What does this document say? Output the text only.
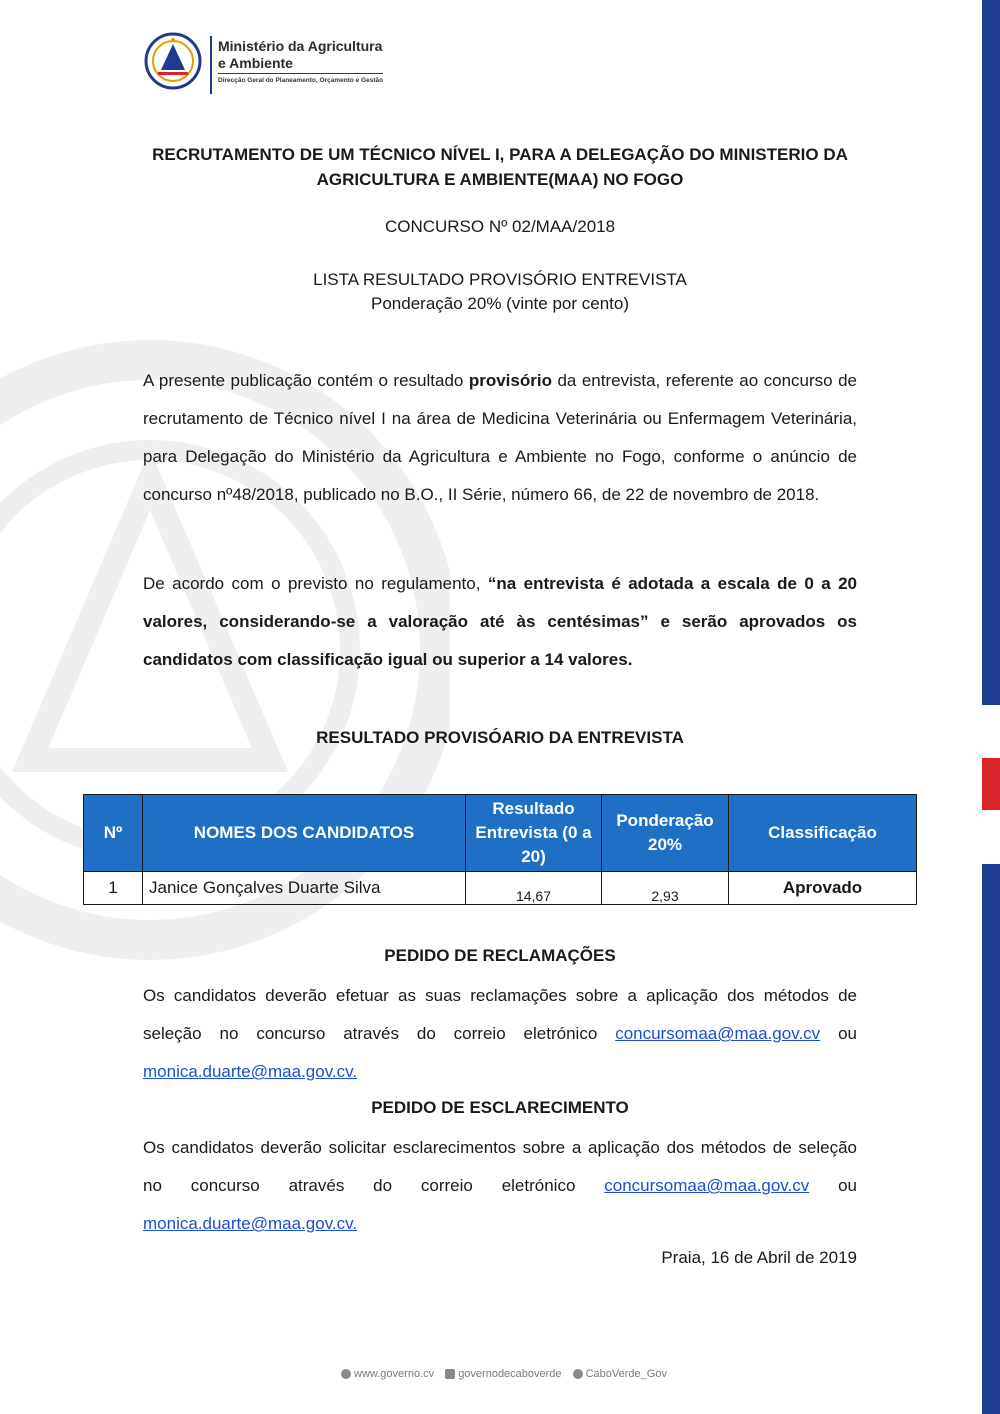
Ministério da Agricultura
e Ambiente
Direcção Geral do Planeamento, Orçamento e Gestão
RECRUTAMENTO DE UM TÉCNICO NÍVEL I, PARA A DELEGAÇÃO DO MINISTERIO DA AGRICULTURA E AMBIENTE(MAA) NO FOGO
CONCURSO Nº 02/MAA/2018
LISTA RESULTADO PROVISÓRIO ENTREVISTA
Ponderação 20% (vinte por cento)

A presente publicação contém o resultado provisório da entrevista, referente ao concurso de recrutamento de Técnico nível I na área de Medicina Veterinária ou Enfermagem Veterinária, para Delegação do Ministério da Agricultura e Ambiente no Fogo, conforme o anúncio de concurso nº48/2018, publicado no B.O., II Série, número 66, de 22 de novembro de 2018.

De acordo com o previsto no regulamento, “na entrevista é adotada a escala de 0 a 20 valores, considerando-se a valoração até às centésimas” e serão aprovados os candidatos com classificação igual ou superior a 14 valores.

RESULTADO PROVISÓARIO DA ENTREVISTA
Nº	NOMES DOS CANDIDATOS	Resultado Entrevista (0 a 20)	Ponderação 20%	Classificação
1	Janice Gonçalves Duarte Silva	14,67	2,93	Aprovado
PEDIDO DE RECLAMAÇÕES

Os candidatos deverão efetuar as suas reclamações sobre a aplicação dos métodos de seleção no concurso através do correio eletrónico concursomaa@maa.gov.cv ou monica.duarte@maa.gov.cv.

PEDIDO DE ESCLARECIMENTO

Os candidatos deverão solicitar esclarecimentos sobre a aplicação dos métodos de seleção no concurso através do correio eletrónico concursomaa@maa.gov.cv ou monica.duarte@maa.gov.cv.

Praia, 16 de Abril de 2019
www.governo.cv governodecaboverde CaboVerde_Gov
